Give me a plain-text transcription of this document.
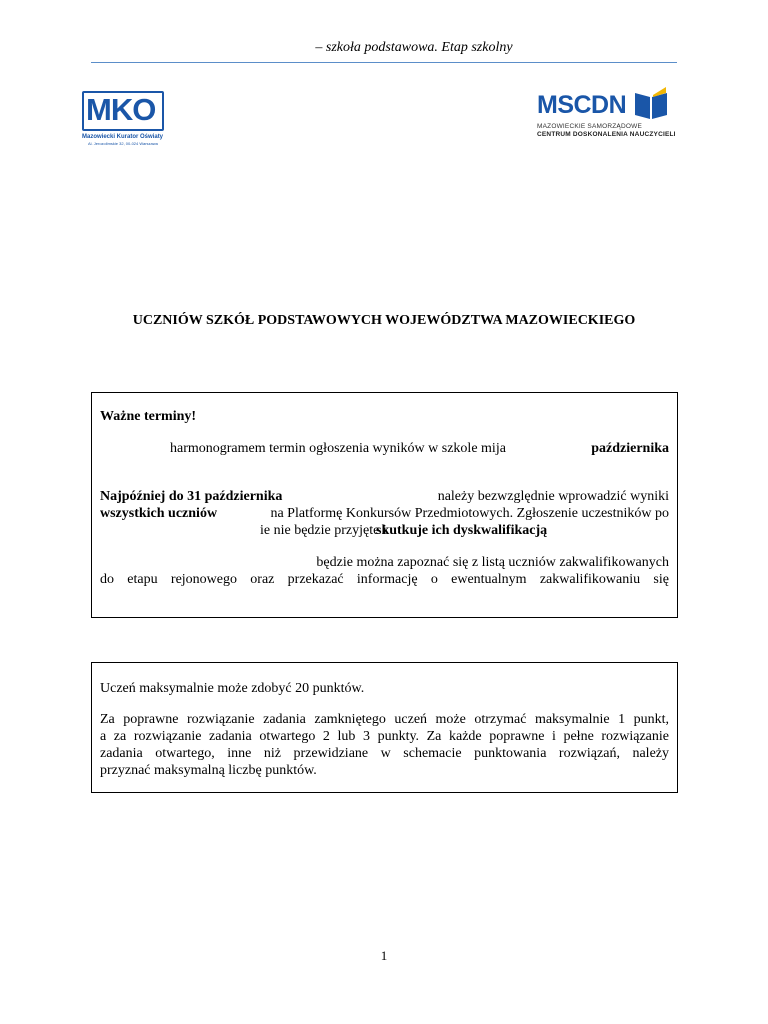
– szkoła podstawowa. Etap szkolny
MKO
Mazowiecki Kurator Oświaty
Al. Jerozolimskie 32, 00-024 Warszawa
MSCDN
MAZOWIECKIE SAMORZĄDOWE
CENTRUM DOSKONALENIA NAUCZYCIELI
UCZNIÓW SZKÓŁ PODSTAWOWYCH WOJEWÓDZTWA MAZOWIECKIEGO
Ważne terminy!
harmonogramem termin ogłoszenia wyników w szkole mija	października
Najpóźniej do 31 października	należy bezwzględnie wprowadzić wyniki
wszystkich uczniów	na Platformę Konkursów Przedmiotowych. Zgłoszenie uczestników po
ie nie będzie przyjęte i
skutkuje ich dyskwalifikacją
będzie można zapoznać się z listą uczniów zakwalifikowanych
do etapu rejonowego oraz przekazać informację o ewentualnym zakwalifikowaniu się
Uczeń maksymalnie może zdobyć 20 punktów.
Za poprawne rozwiązanie zadania zamkniętego uczeń może otrzymać maksymalnie 1 punkt,
a za rozwiązanie zadania otwartego 2 lub 3 punkty. Za każde poprawne i pełne rozwiązanie
zadania otwartego, inne niż przewidziane w schemacie punktowania rozwiązań, należy
przyznać maksymalną liczbę punktów.
1
